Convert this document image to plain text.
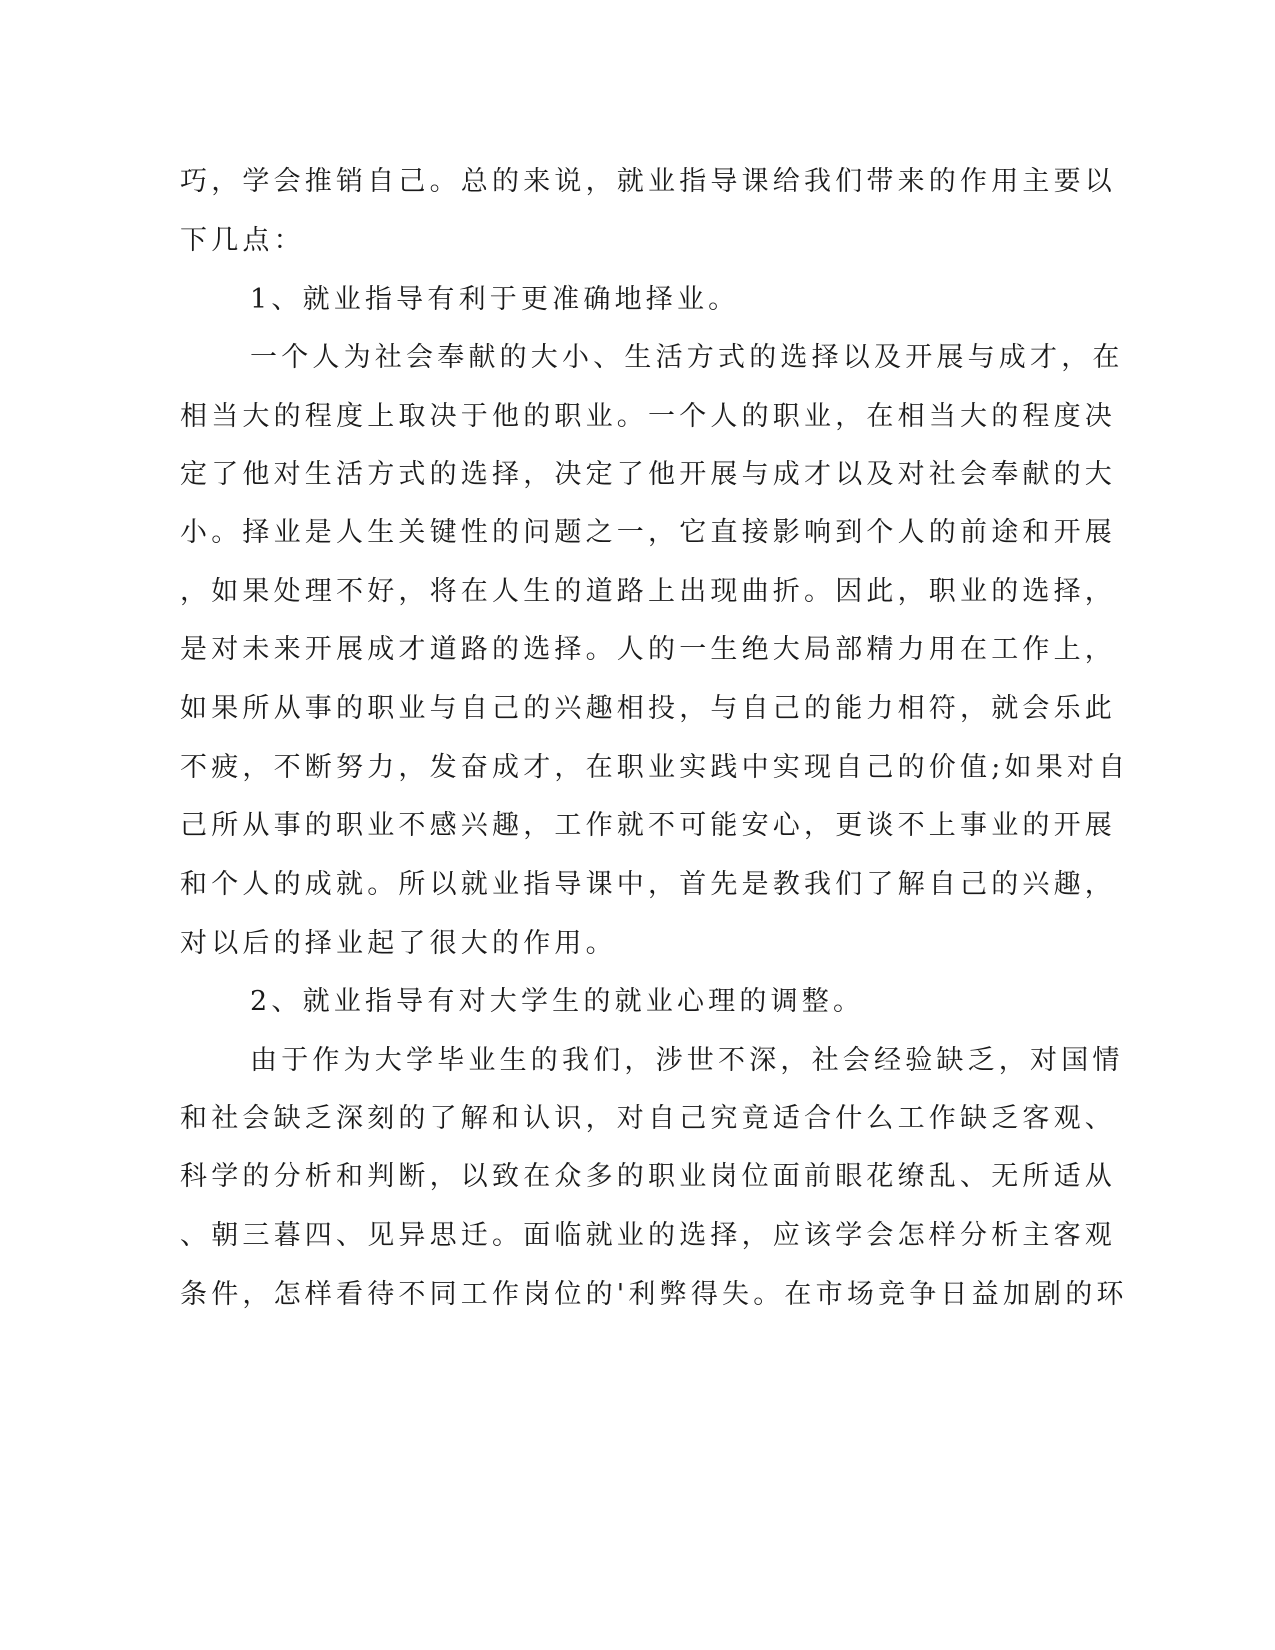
巧，学会推销自己。总的来说，就业指导课给我们带来的作用主要以
下几点：
1、就业指导有利于更准确地择业。
一个人为社会奉献的大小、生活方式的选择以及开展与成才，在
相当大的程度上取决于他的职业。一个人的职业，在相当大的程度决
定了他对生活方式的选择，决定了他开展与成才以及对社会奉献的大
小。择业是人生关键性的问题之一，它直接影响到个人的前途和开展
，如果处理不好，将在人生的道路上出现曲折。因此，职业的选择，
是对未来开展成才道路的选择。人的一生绝大局部精力用在工作上，
如果所从事的职业与自己的兴趣相投，与自己的能力相符，就会乐此
不疲，不断努力，发奋成才，在职业实践中实现自己的价值;如果对自
己所从事的职业不感兴趣，工作就不可能安心，更谈不上事业的开展
和个人的成就。所以就业指导课中，首先是教我们了解自己的兴趣，
对以后的择业起了很大的作用。
2、就业指导有对大学生的就业心理的调整。
由于作为大学毕业生的我们，涉世不深，社会经验缺乏，对国情
和社会缺乏深刻的了解和认识，对自己究竟适合什么工作缺乏客观、
科学的分析和判断，以致在众多的职业岗位面前眼花缭乱、无所适从
、朝三暮四、见异思迁。面临就业的选择，应该学会怎样分析主客观
条件，怎样看待不同工作岗位的'利弊得失。在市场竞争日益加剧的环
